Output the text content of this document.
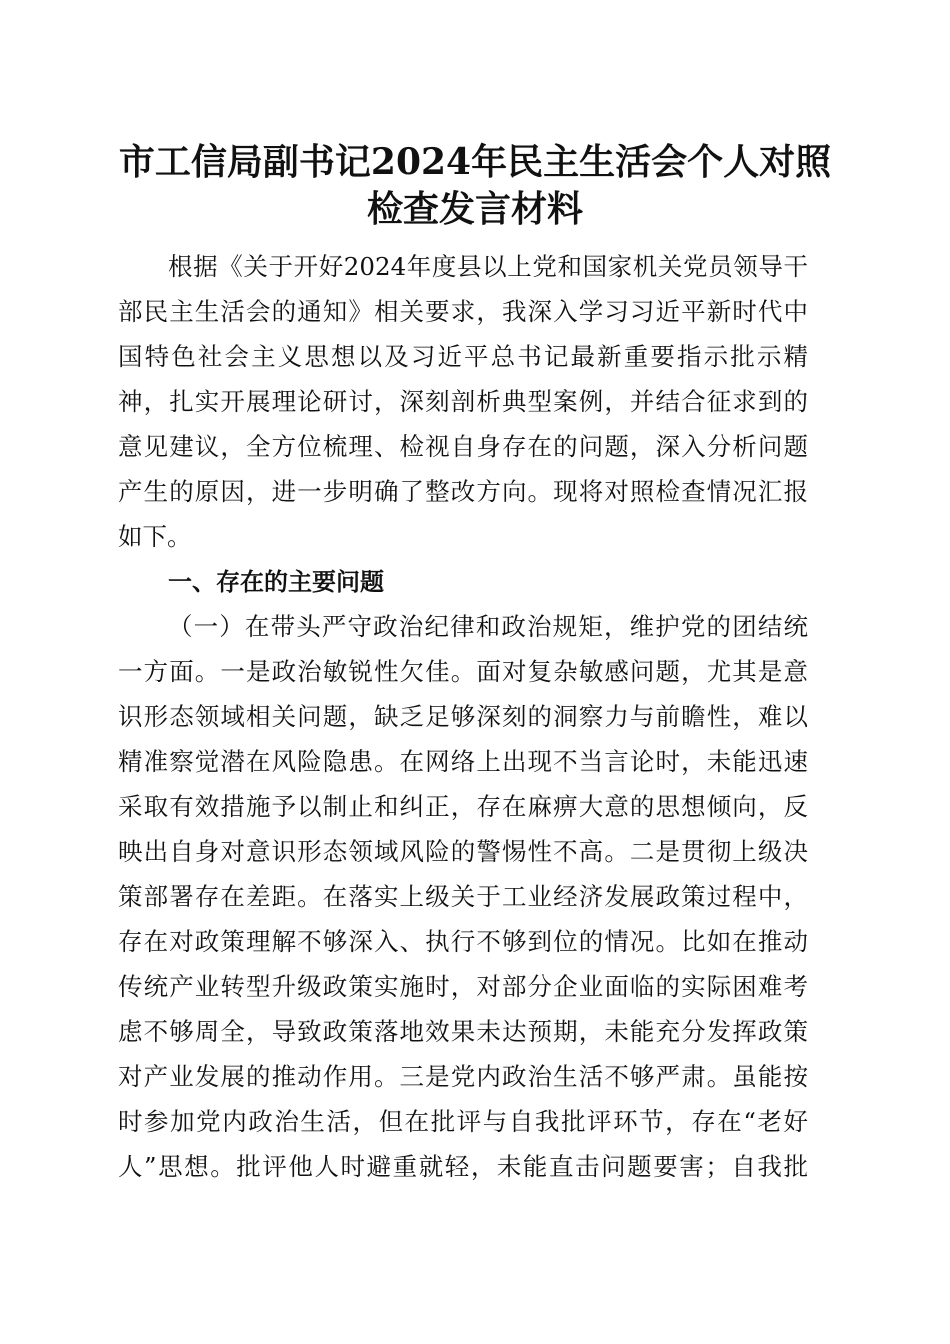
市工信局副书记2024年民主生活会个人对照
检查发言材料
根据《关于开好2024年度县以上党和国家机关党员领导干
部民主生活会的通知》相关要求，我深入学习习近平新时代中
国特色社会主义思想以及习近平总书记最新重要指示批示精
神，扎实开展理论研讨，深刻剖析典型案例，并结合征求到的
意见建议，全方位梳理、检视自身存在的问题，深入分析问题
产生的原因，进一步明确了整改方向。现将对照检查情况汇报
如下。
一、存在的主要问题
（一）在带头严守政治纪律和政治规矩，维护党的团结统
一方面。一是政治敏锐性欠佳。面对复杂敏感问题，尤其是意
识形态领域相关问题，缺乏足够深刻的洞察力与前瞻性，难以
精准察觉潜在风险隐患。在网络上出现不当言论时，未能迅速
采取有效措施予以制止和纠正，存在麻痹大意的思想倾向，反
映出自身对意识形态领域风险的警惕性不高。二是贯彻上级决
策部署存在差距。在落实上级关于工业经济发展政策过程中，
存在对政策理解不够深入、执行不够到位的情况。比如在推动
传统产业转型升级政策实施时，对部分企业面临的实际困难考
虑不够周全，导致政策落地效果未达预期，未能充分发挥政策
对产业发展的推动作用。三是党内政治生活不够严肃。虽能按
时参加党内政治生活，但在批评与自我批评环节，存在“老好
人”思想。批评他人时避重就轻，未能直击问题要害；自我批
